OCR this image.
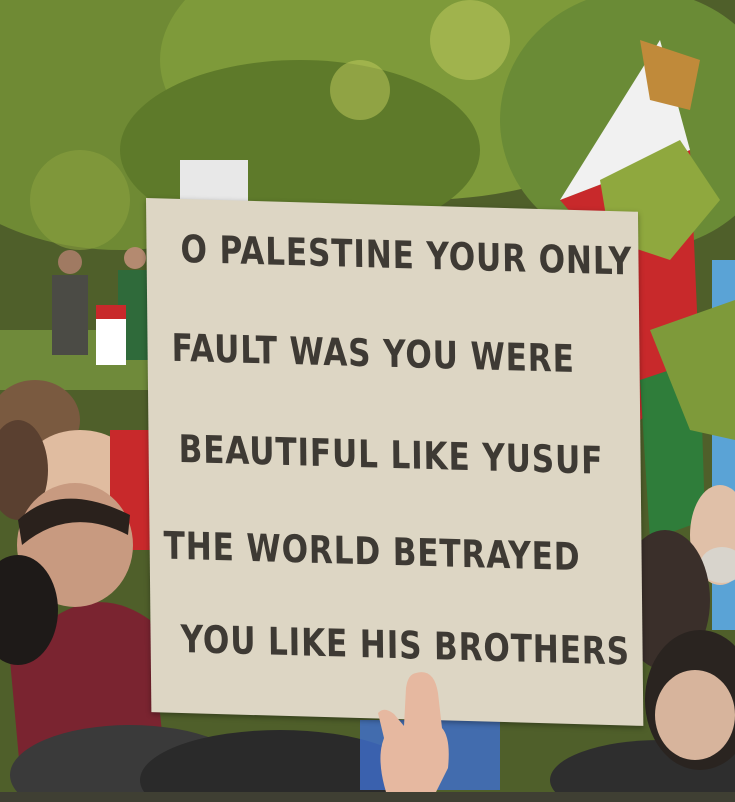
O PALESTINE YOUR ONLY
FAULT WAS YOU WERE
BEAUTIFUL LIKE YUSUF
THE WORLD BETRAYED
YOU LIKE HIS BROTHERS
